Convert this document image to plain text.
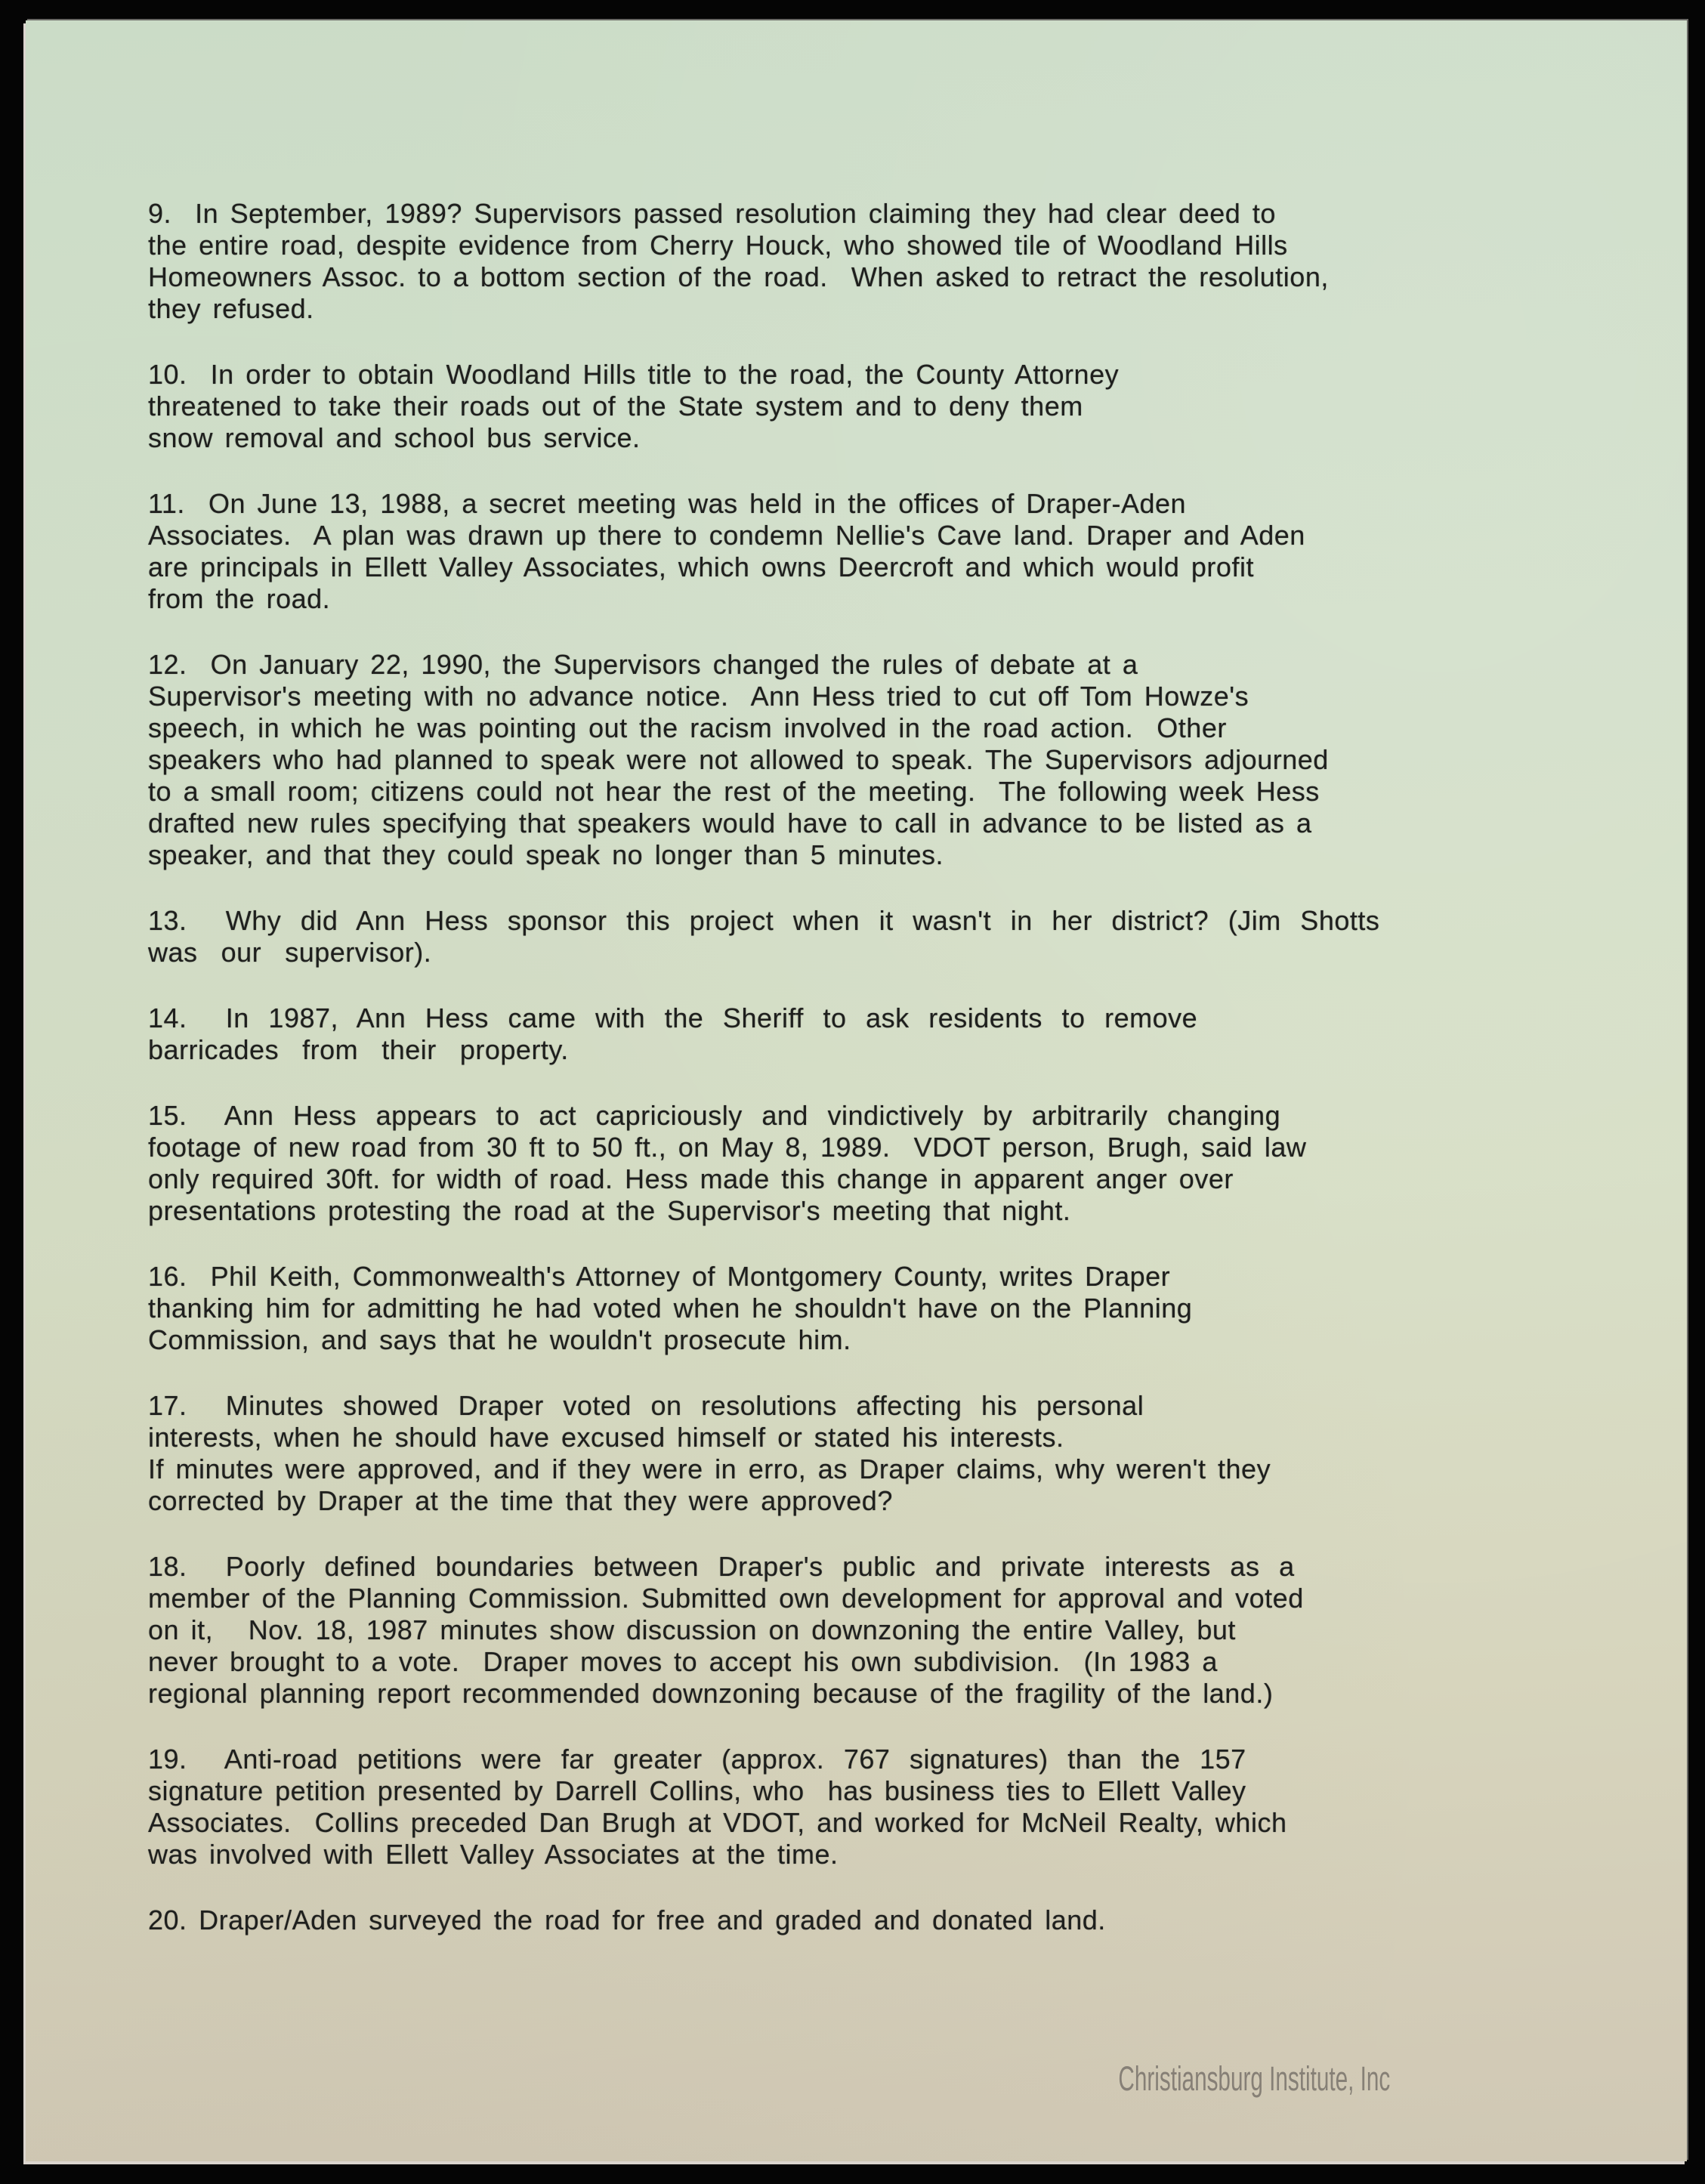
9.  In September, 1989? Supervisors passed resolution claiming they had clear deed to
the entire road, despite evidence from Cherry Houck, who showed tile of Woodland Hills
Homeowners Assoc. to a bottom section of the road.  When asked to retract the resolution,
they refused.
10.  In order to obtain Woodland Hills title to the road, the County Attorney
threatened to take their roads out of the State system and to deny them
snow removal and school bus service.
11.  On June 13, 1988, a secret meeting was held in the offices of Draper-Aden
Associates.  A plan was drawn up there to condemn Nellie's Cave land. Draper and Aden
are principals in Ellett Valley Associates, which owns Deercroft and which would profit
from the road.
12.  On January 22, 1990, the Supervisors changed the rules of debate at a
Supervisor's meeting with no advance notice.  Ann Hess tried to cut off Tom Howze's
speech, in which he was pointing out the racism involved in the road action.  Other
speakers who had planned to speak were not allowed to speak. The Supervisors adjourned
to a small room; citizens could not hear the rest of the meeting.  The following week Hess
drafted new rules specifying that speakers would have to call in advance to be listed as a
speaker, and that they could speak no longer than 5 minutes.
13.  Why did Ann Hess sponsor this project when it wasn't in her district? (Jim Shotts
was  our  supervisor).
14.  In 1987, Ann Hess came with the Sheriff to ask residents to remove
barricades  from  their  property.
15.  Ann Hess appears to act capriciously and vindictively by arbitrarily changing
footage of new road from 30 ft to 50 ft., on May 8, 1989.  VDOT person, Brugh, said law
only required 30ft. for width of road. Hess made this change in apparent anger over
presentations protesting the road at the Supervisor's meeting that night.
16.  Phil Keith, Commonwealth's Attorney of Montgomery County, writes Draper
thanking him for admitting he had voted when he shouldn't have on the Planning
Commission, and says that he wouldn't prosecute him.
17.  Minutes showed Draper voted on resolutions affecting his personal
interests, when he should have excused himself or stated his interests.
If minutes were approved, and if they were in erro, as Draper claims, why weren't they
corrected by Draper at the time that they were approved?
18.  Poorly defined boundaries between Draper's public and private interests as a
member of the Planning Commission. Submitted own development for approval and voted
on it,   Nov. 18, 1987 minutes show discussion on downzoning the entire Valley, but
never brought to a vote.  Draper moves to accept his own subdivision.  (In 1983 a
regional planning report recommended downzoning because of the fragility of the land.)
19.  Anti-road petitions were far greater (approx. 767 signatures) than the 157
signature petition presented by Darrell Collins, who  has business ties to Ellett Valley
Associates.  Collins preceded Dan Brugh at VDOT, and worked for McNeil Realty, which
was involved with Ellett Valley Associates at the time.
20. Draper/Aden surveyed the road for free and graded and donated land.
Christiansburg Institute, Inc
